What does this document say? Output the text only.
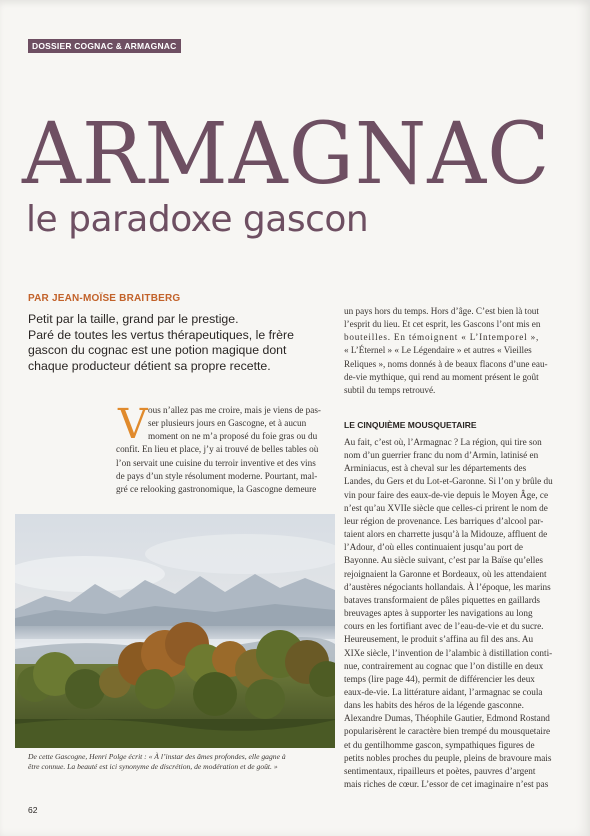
DOSSIER COGNAC & ARMAGNAC
ARMAGNAC
le paradoxe gascon
PAR JEAN-MOÏSE BRAITBERG
Petit par la taille, grand par le prestige.
Paré de toutes les vertus thérapeutiques, le frère
gascon du cognac est une potion magique dont
chaque producteur détient sa propre recette.
V ous n’allez pas me croire, mais je viens de pas-
ser plusieurs jours en Gascogne, et à aucun
moment on ne m’a proposé du foie gras ou du
confit. En lieu et place, j’y ai trouvé de belles tables où
l’on servait une cuisine du terroir inventive et des vins
de pays d’un style résolument moderne. Pourtant, mal-
gré ce relooking gastronomique, la Gascogne demeure
un pays hors du temps. Hors d’âge. C’est bien là tout
l’esprit du lieu. Et cet esprit, les Gascons l’ont mis en
bouteilles. En témoignent « L’Intemporel »,
« L’Éternel » « Le Légendaire » et autres « Vieilles
Reliques », noms donnés à de beaux flacons d’une eau-
de-vie mythique, qui rend au moment présent le goût
subtil du temps retrouvé.
LE CINQUIÈME MOUSQUETAIRE
Au fait, c’est où, l’Armagnac ? La région, qui tire son
nom d’un guerrier franc du nom d’Armin, latinisé en
Arminiacus, est à cheval sur les départements des
Landes, du Gers et du Lot-et-Garonne. Si l’on y brûle du
vin pour faire des eaux-de-vie depuis le Moyen Âge, ce
n’est qu’au XVIIe siècle que celles-ci prirent le nom de
leur région de provenance. Les barriques d’alcool par-
taient alors en charrette jusqu’à la Midouze, affluent de
l’Adour, d’où elles continuaient jusqu’au port de
Bayonne. Au siècle suivant, c’est par la Baïse qu’elles
rejoignaient la Garonne et Bordeaux, où les attendaient
d’austères négociants hollandais. À l’époque, les marins
bataves transformaient de pâles piquettes en gaillards
breuvages aptes à supporter les navigations au long
cours en les fortifiant avec de l’eau-de-vie et du sucre.
Heureusement, le produit s’affina au fil des ans. Au
XIXe siècle, l’invention de l’alambic à distillation conti-
nue, contrairement au cognac que l’on distille en deux
temps (lire page 44), permit de différencier les deux
eaux-de-vie. La littérature aidant, l’armagnac se coula
dans les habits des héros de la légende gasconne.
Alexandre Dumas, Théophile Gautier, Edmond Rostand
popularisèrent le caractère bien trempé du mousquetaire
et du gentilhomme gascon, sympathiques figures de
petits nobles proches du peuple, pleins de bravoure mais
sentimentaux, ripailleurs et poètes, pauvres d’argent
mais riches de cœur. L’essor de cet imaginaire n’est pas
De cette Gascogne, Henri Polge écrit : « À l’instar des âmes profondes, elle gagne à
être connue. La beauté est ici synonyme de discrétion, de modération et de goût. »
62
